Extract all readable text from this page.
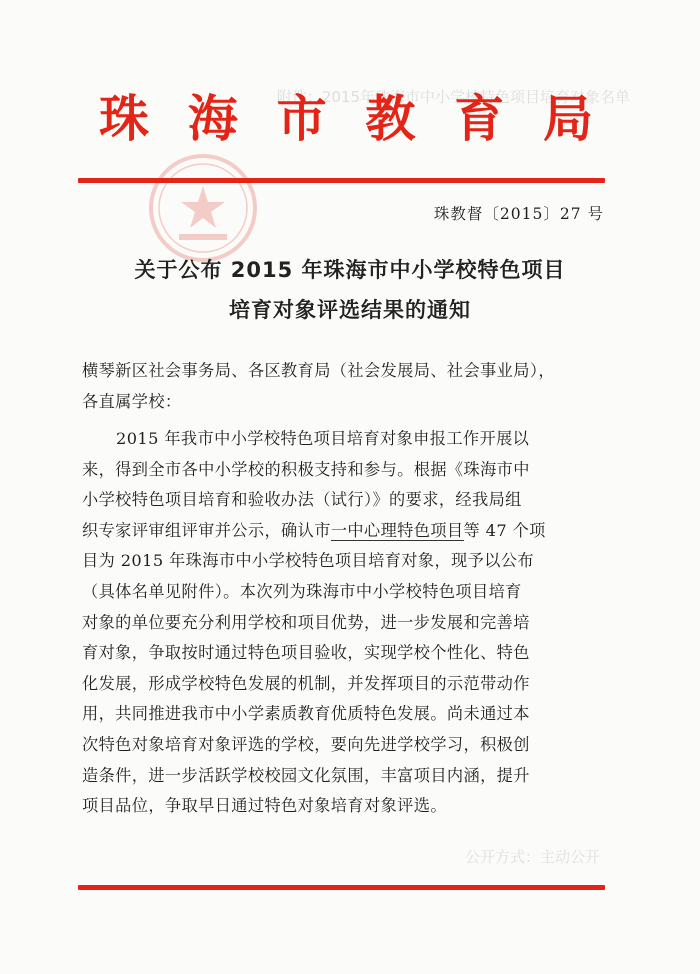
附件：2015年珠海市中小学校特色项目培育对象名单
珠 海 市 教 育 局
珠教督〔2015〕27 号
关于公布 2015 年珠海市中小学校特色项目
培育对象评选结果的通知
横琴新区社会事务局、各区教育局（社会发展局、社会事业局），
各直属学校：
2015 年我市中小学校特色项目培育对象申报工作开展以
来，得到全市各中小学校的积极支持和参与。根据《珠海市中
小学校特色项目培育和验收办法（试行）》的要求，经我局组
织专家评审组评审并公示，确认市一中心理特色项目等 47 个项
目为 2015 年珠海市中小学校特色项目培育对象，现予以公布
（具体名单见附件）。本次列为珠海市中小学校特色项目培育
对象的单位要充分利用学校和项目优势，进一步发展和完善培
育对象，争取按时通过特色项目验收，实现学校个性化、特色
化发展，形成学校特色发展的机制，并发挥项目的示范带动作
用，共同推进我市中小学素质教育优质特色发展。尚未通过本
次特色对象培育对象评选的学校，要向先进学校学习，积极创
造条件，进一步活跃学校校园文化氛围，丰富项目内涵，提升
项目品位，争取早日通过特色对象培育对象评选。
公开方式：主动公开
